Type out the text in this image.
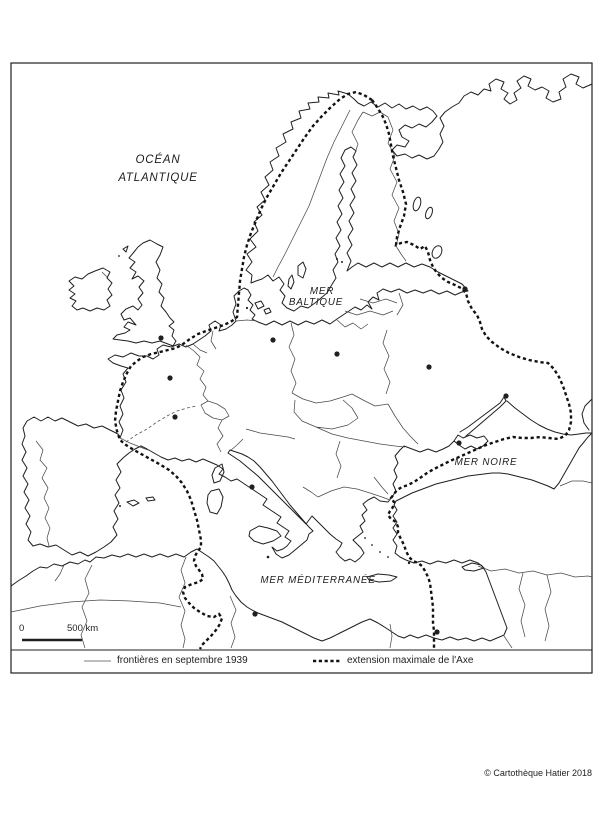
OCÉAN
ATLANTIQUE
MER
BALTIQUE
MER NOIRE
MER MÉDITERRANÉE
0	500 km
frontières en septembre 1939	extension maximale de l'Axe
© Cartothèque Hatier 2018
